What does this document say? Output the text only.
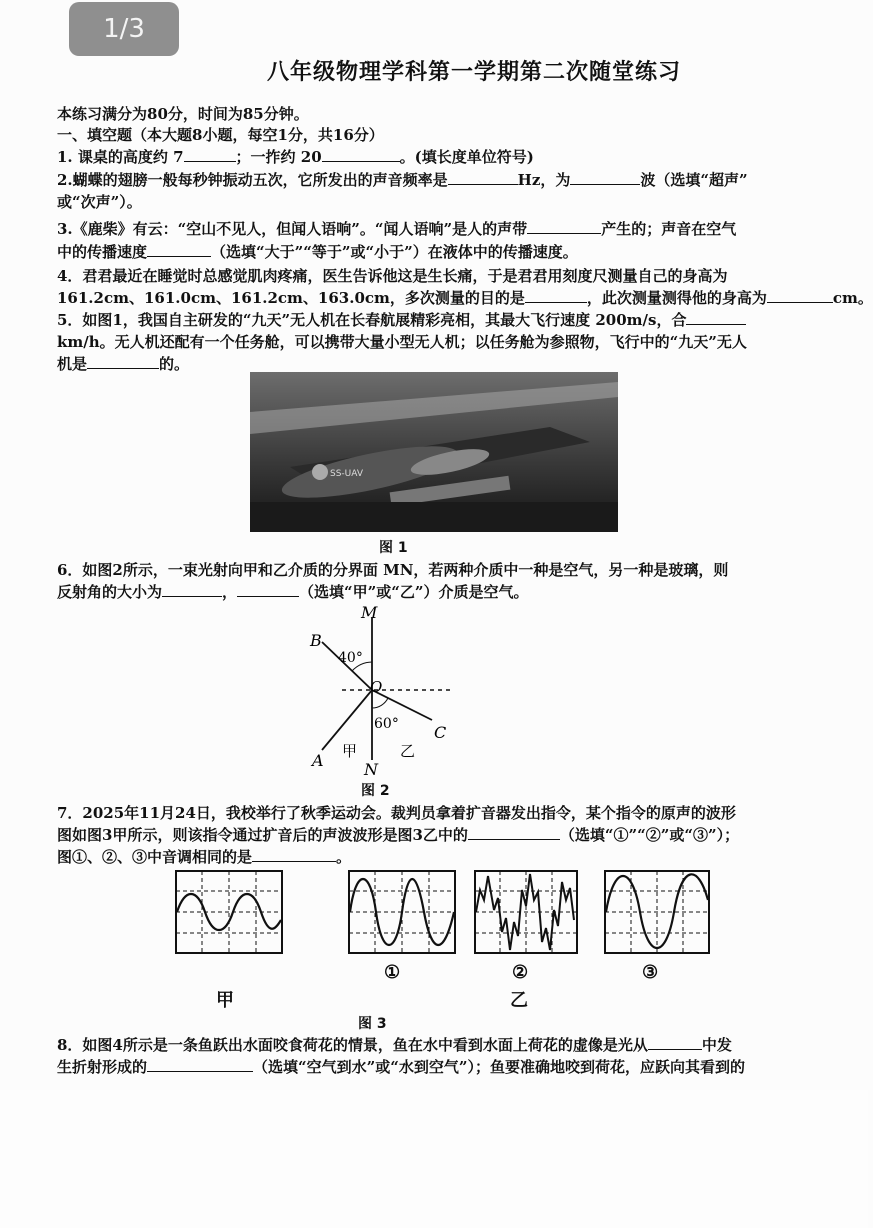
1/3
八年级物理学科第一学期第二次随堂练习
本练习满分为80分，时间为85分钟。
一、填空题（本大题8小题，每空1分，共16分）
1. 课桌的高度约 7	；一拃约 20	。(填长度单位符号)
2.蝴蝶的翅膀一般每秒钟振动五次，它所发出的声音频率是	Hz，为	波（选填“超声”
或“次声”）。
3.《鹿柴》有云：“空山不见人，但闻人语响”。“闻人语响”是人的声带	产生的；声音在空气
中的传播速度	（选填“大于”“等于”或“小于”）在液体中的传播速度。
4．君君最近在睡觉时总感觉肌肉疼痛，医生告诉他这是生长痛，于是君君用刻度尺测量自己的身高为
161.2cm、161.0cm、161.2cm、163.0cm，多次测量的目的是	，此次测量测得他的身高为	cm。
5．如图1，我国自主研发的“九天”无人机在长春航展精彩亮相，其最大飞行速度 200m/s，合
km/h。无人机还配有一个任务舱，可以携带大量小型无人机；以任务舱为参照物，飞行中的“九天”无人
机是	的。
SS-UAV
图 1
6．如图2所示，一束光射向甲和乙介质的分界面 MN，若两种介质中一种是空气，另一种是玻璃，则
反射角的大小为	，	（选填“甲”或“乙”）介质是空气。
M
N
B
A
C
O
40°
60°
甲	乙
图 2
7．2025年11月24日，我校举行了秋季运动会。裁判员拿着扩音器发出指令，某个指令的原声的波形
图如图3甲所示，则该指令通过扩音后的声波波形是图3乙中的	（选填“①”“②”或“③”）；
图①、②、③中音调相同的是	。
①	②	③
甲	乙
图 3
8．如图4所示是一条鱼跃出水面咬食荷花的情景，鱼在水中看到水面上荷花的虚像是光从	中发
生折射形成的	（选填“空气到水”或“水到空气”）；鱼要准确地咬到荷花，应跃向其看到的
